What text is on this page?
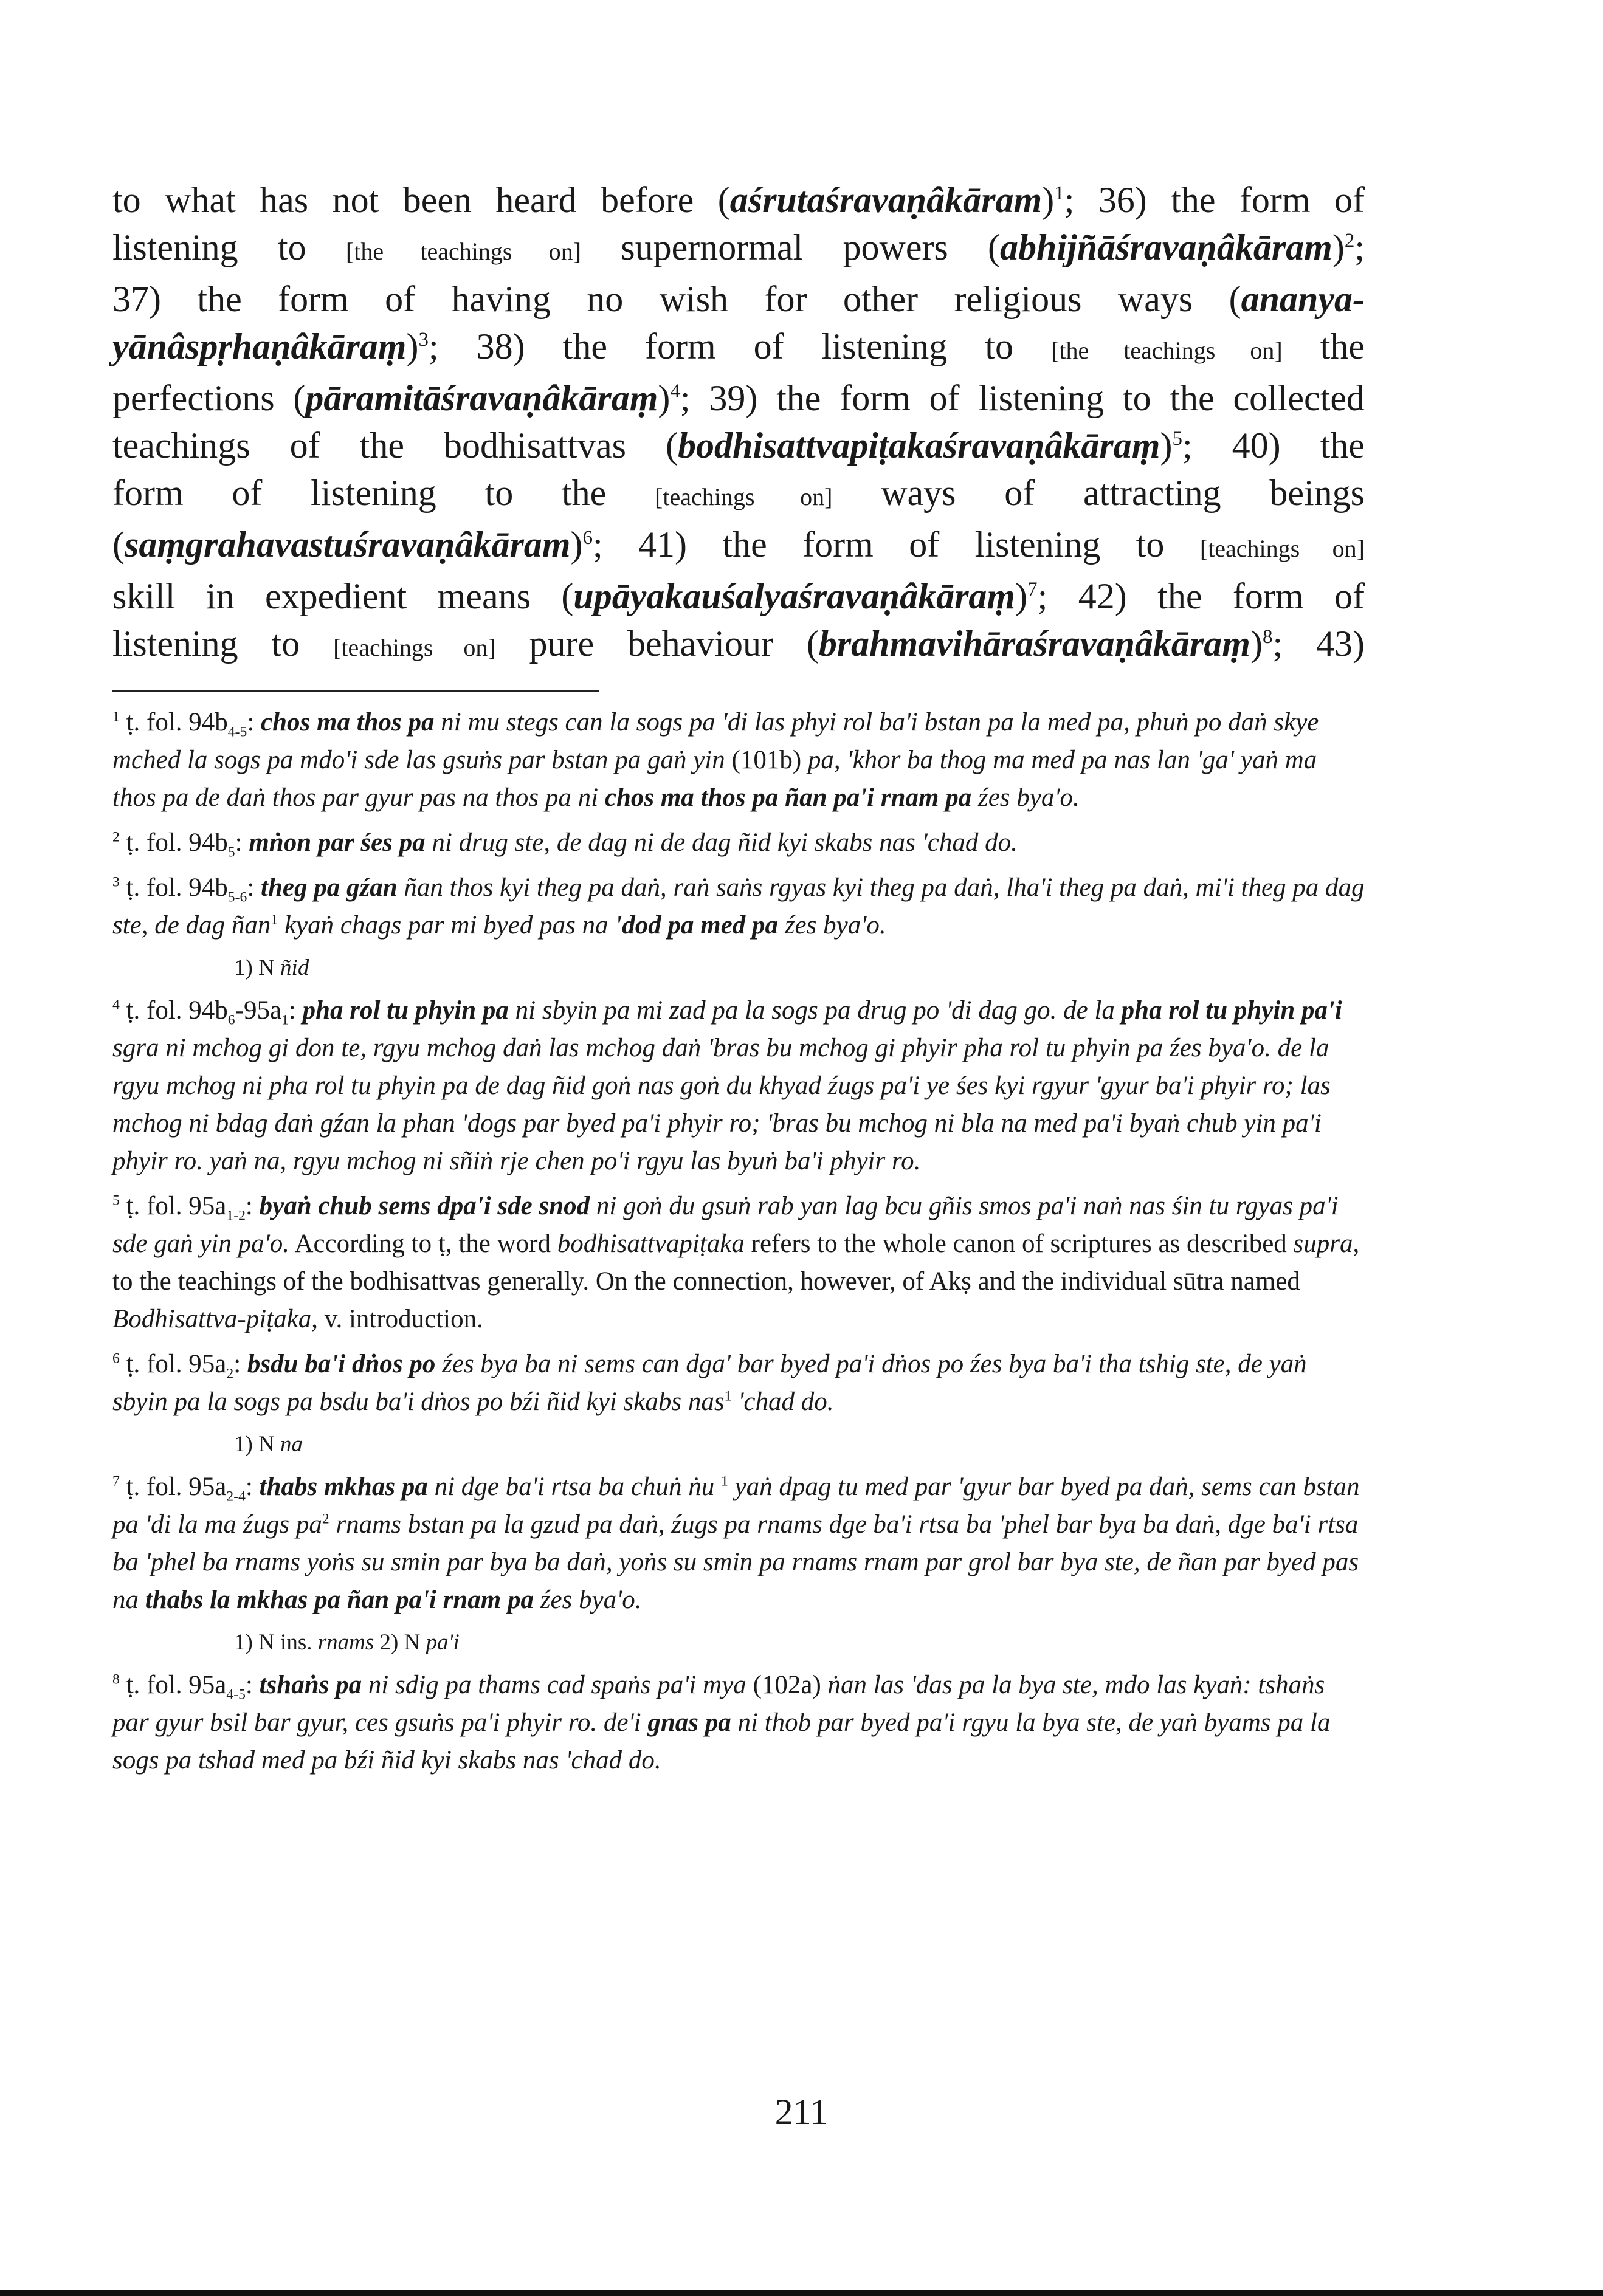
to what has not been heard before (aśrutaśravaṇâkāram)$^1$; 36) the form of
listening to [the teachings on] supernormal powers (abhijñāśravaṇâkāram)$^2$;
37) the form of having no wish for other religious ways (ananya-
yānâspṛhaṇâkāraṃ)$^3$; 38) the form of listening to [the teachings on] the
perfections (pāramitāśravaṇâkāraṃ)$^4$; 39) the form of listening to the collected
teachings of the bodhisattvas (bodhisattvapiṭakaśravaṇâkāraṃ)$^5$; 40) the
form of listening to the [teachings on] ways of attracting beings
(saṃgrahavastuśravaṇâkāram)$^6$; 41) the form of listening to [teachings on]
skill in expedient means (upāyakauśalyaśravaṇâkāraṃ)$^7$; 42) the form of
listening to [teachings on] pure behaviour (brahmavihāraśravaṇâkāraṃ)$^8$; 43)
$^1$ ṭ. fol. $94b_{4-5}$: chos ma thos pa ni mu stegs can la sogs pa 'di las phyi rol ba'i bstan pa la med pa, phuṅ po daṅ skye mched la sogs pa mdo'i sde las gsuṅs par bstan pa gaṅ yin (101b) pa, 'khor ba thog ma med pa nas lan 'ga' yaṅ ma thos pa de daṅ thos par gyur pas na thos pa ni chos ma thos pa ñan pa'i rnam pa źes bya'o.
$^2$ ṭ. fol. $94b_5$: mṅon par śes pa ni drug ste, de dag ni de dag ñid kyi skabs nas 'chad do.
$^3$ ṭ. fol. $94b_{5-6}$: theg pa gźan ñan thos kyi theg pa daṅ, raṅ saṅs rgyas kyi theg pa daṅ, lha'i theg pa daṅ, mi'i theg pa dag ste, de dag ñan$^1$ kyaṅ chags par mi byed pas na 'dod pa med pa źes bya'o.
1) N ñid
$^4$ ṭ. fol. $94b_6-95a_1$: pha rol tu phyin pa ni sbyin pa mi zad pa la sogs pa drug po 'di dag go. de la pha rol tu phyin pa'i sgra ni mchog gi don te, rgyu mchog daṅ las mchog daṅ 'bras bu mchog gi phyir pha rol tu phyin pa źes bya'o. de la rgyu mchog ni pha rol tu phyin pa de dag ñid goṅ nas goṅ du khyad źugs pa'i ye śes kyi rgyur 'gyur ba'i phyir ro; las mchog ni bdag daṅ gźan la phan 'dogs par byed pa'i phyir ro; 'bras bu mchog ni bla na med pa'i byaṅ chub yin pa'i phyir ro. yaṅ na, rgyu mchog ni sñiṅ rje chen po'i rgyu las byuṅ ba'i phyir ro.
$^5$ ṭ. fol. $95a_{1-2}$: byaṅ chub sems dpa'i sde snod ni goṅ du gsuṅ rab yan lag bcu gñis smos pa'i naṅ nas śin tu rgyas pa'i sde gaṅ yin pa'o. According to ṭ, the word bodhisattvapiṭaka refers to the whole canon of scriptures as described supra, to the teachings of the bodhisattvas generally. On the connection, however, of Akṣ and the individual sūtra named Bodhisattva-piṭaka, v. introduction.
$^6$ ṭ. fol. $95a_2$: bsdu ba'i dṅos po źes bya ba ni sems can dga' bar byed pa'i dṅos po źes bya ba'i tha tshig ste, de yaṅ sbyin pa la sogs pa bsdu ba'i dṅos po bźi ñid kyi skabs nas$^1$ 'chad do.
1) N na
$^7$ ṭ. fol. $95a_{2-4}$: thabs mkhas pa ni dge ba'i rtsa ba chuṅ ṅu $^1$ yaṅ dpag tu med par 'gyur bar byed pa daṅ, sems can bstan pa 'di la ma źugs $pa^2$ rnams bstan pa la gzud pa daṅ, źugs pa rnams dge ba'i rtsa ba 'phel bar bya ba daṅ, dge ba'i rtsa ba 'phel ba rnams yoṅs su smin par bya ba daṅ, yoṅs su smin pa rnams rnam par grol bar bya ste, de ñan par byed pas na thabs la mkhas pa ñan pa'i rnam pa źes bya'o.
1) N ins. rnams 2) N pa'i
$^8$ ṭ. fol. $95a_{4-5}$: tshaṅs pa ni sdig pa thams cad spaṅs pa'i mya (102a) ṅan las 'das pa la bya ste, mdo las kyaṅ: tshaṅs par gyur bsil bar gyur, ces gsuṅs pa'i phyir ro. de'i gnas pa ni thob par byed pa'i rgyu la bya ste, de yaṅ byams pa la sogs pa tshad med pa bźi ñid kyi skabs nas 'chad do.
211
